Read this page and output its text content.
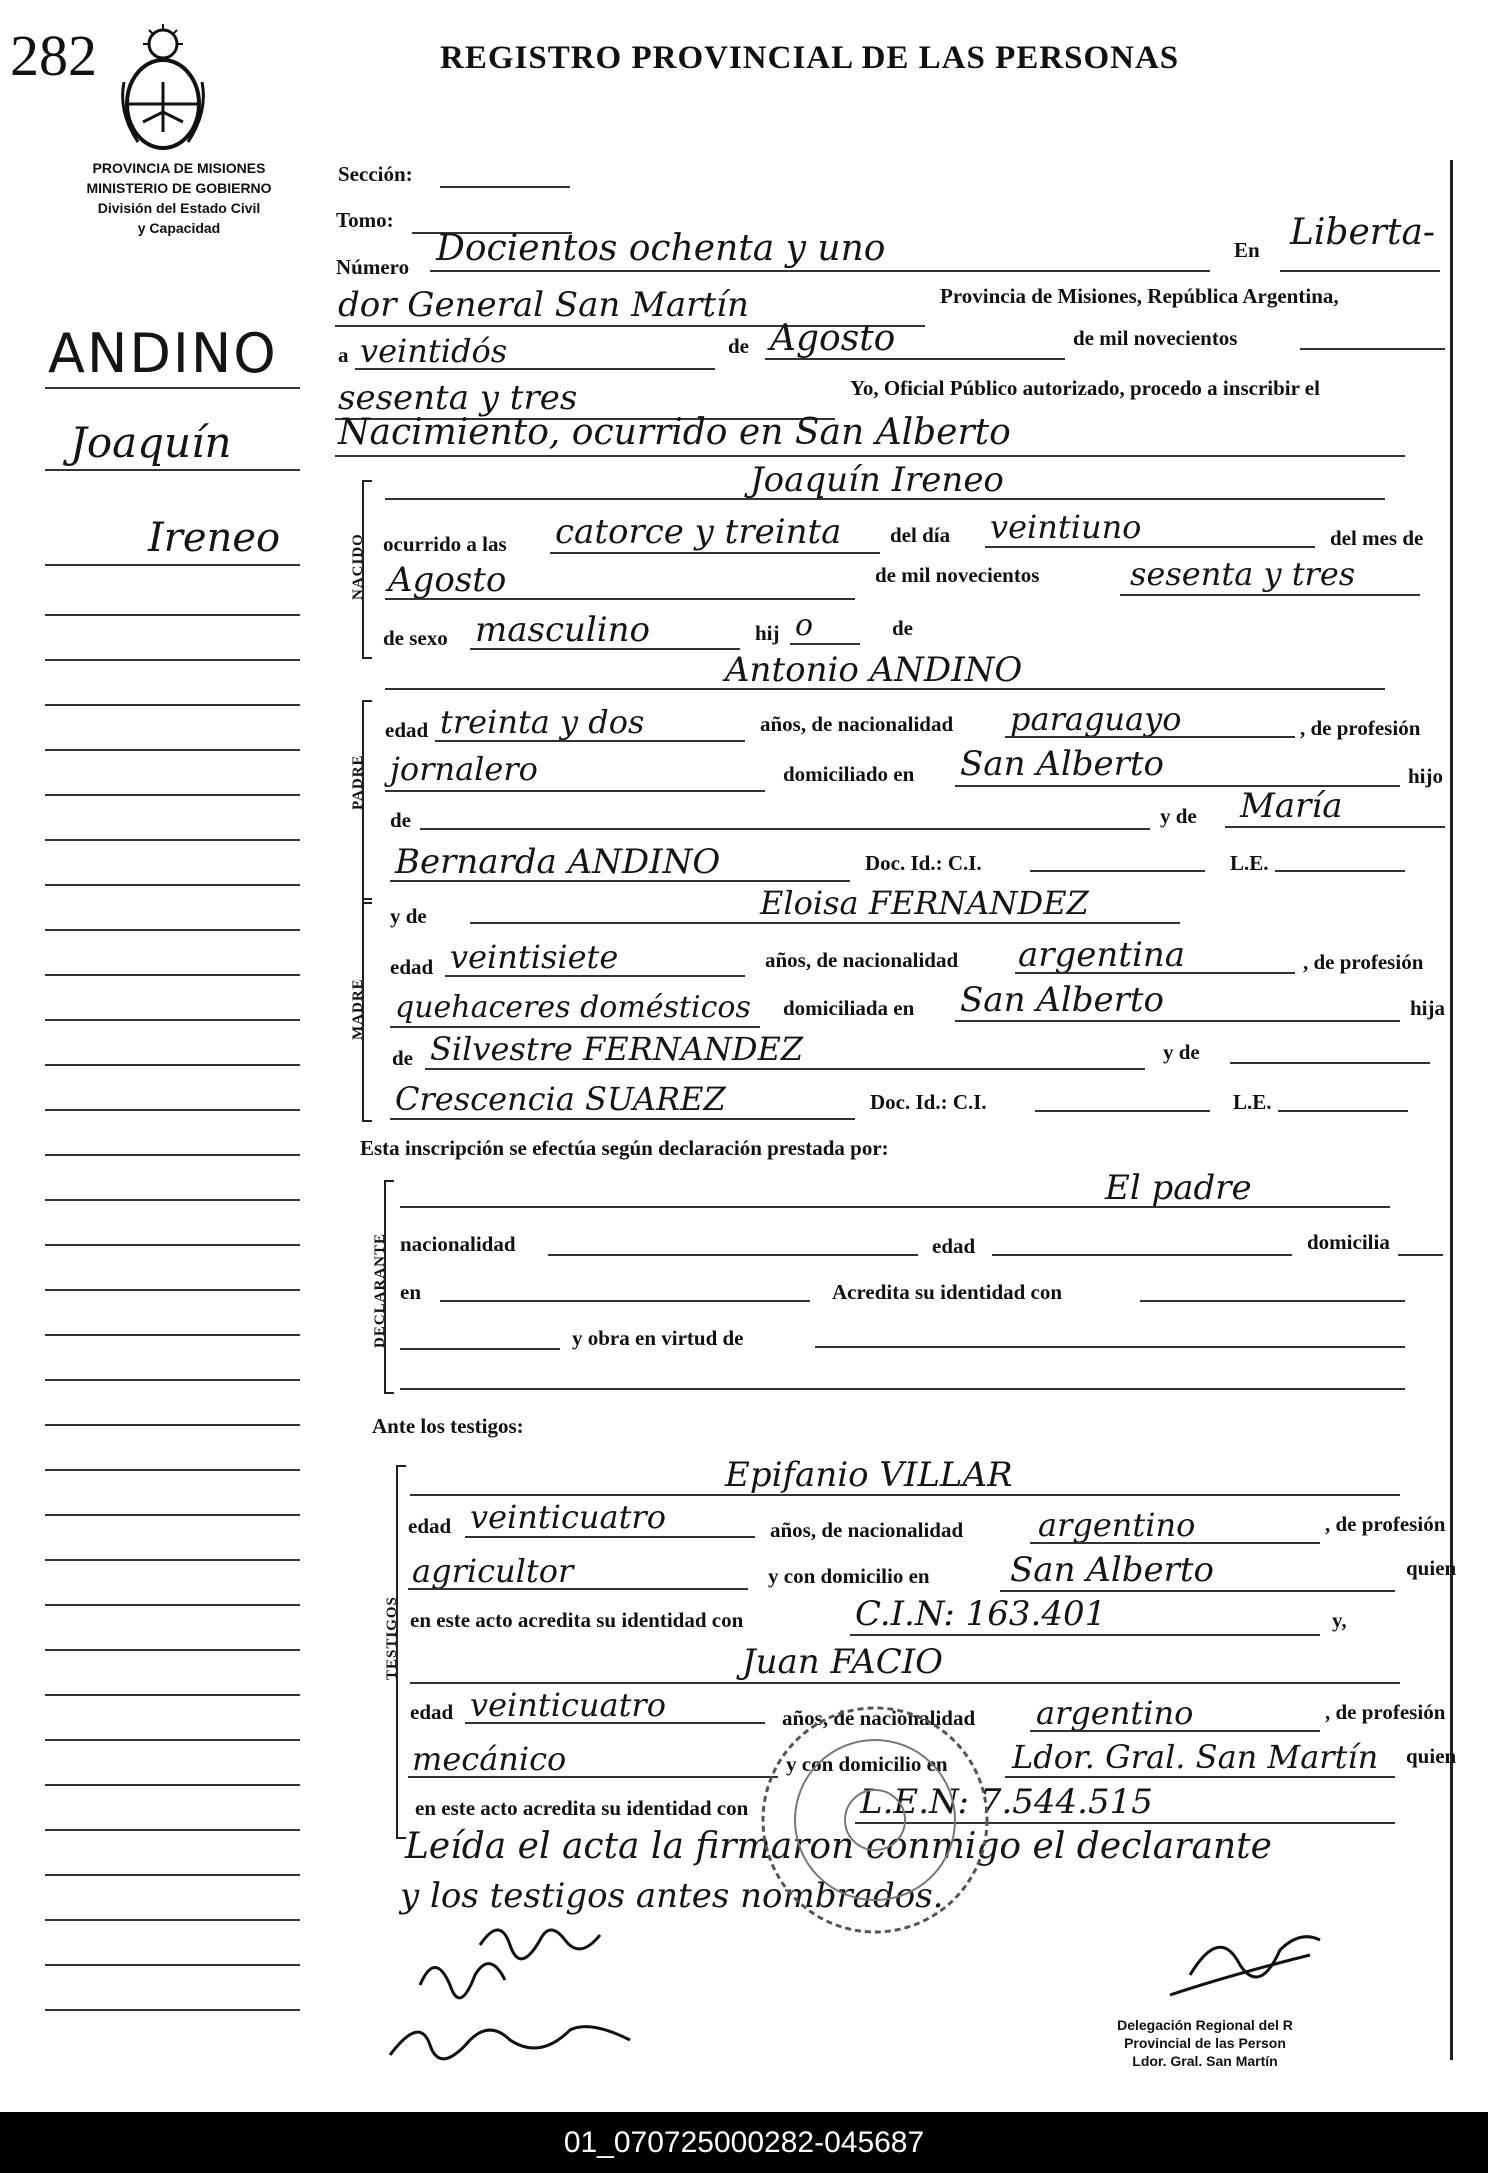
282	REGISTRO PROVINCIAL DE LAS PERSONAS
PROVINCIA DE MISIONES
MINISTERIO DE GOBIERNO
División del Estado Civil
y Capacidad
ANDINO
Joaquín
Ireneo
Sección:
Tomo:
Número Docientos ochenta y uno	En Liberta-
dor General San Martín	Provincia de Misiones, República Argentina,
a veintidós	de Agosto	de mil novecientos
sesenta y tres	Yo, Oficial Público autorizado, procedo a inscribir el
Nacimiento, ocurrido en San Alberto
NACIDO
Joaquín Ireneo
ocurrido a las catorce y treinta del día veintiuno	del mes de
Agosto	de mil novecientos	sesenta y tres
de sexo masculino	hij o	de
PADRE
Antonio ANDINO
edad treinta y dos	años, de nacionalidad paraguayo	, de profesión
jornalero	domiciliado en San Alberto	hijo
de	y de María
Bernarda ANDINO	Doc. Id.: C.I.	L.E.
MADRE
y de	Eloisa FERNANDEZ
edad veintisiete	años, de nacionalidad argentina	, de profesión
quehaceres domésticos domiciliada en San Alberto	hija
de Silvestre FERNANDEZ	y de
Crescencia SUAREZ	Doc. Id.: C.I.	L.E.
Esta inscripción se efectúa según declaración prestada por:
DECLARANTE
El padre
nacionalidad	edad	domicilia
en	Acredita su identidad con
y obra en virtud de
Ante los testigos:
TESTIGOS
Epifanio VILLAR
edad veinticuatro	años, de nacionalidad argentino	, de profesión
agricultor	y con domicilio en San Alberto	quien
en este acto acredita su identidad con	C.I.N: 163.401	y,
Juan FACIO
edad veinticuatro	años, de nacionalidad argentino	, de profesión
mecánico	y con domicilio en Ldor. Gral. San Martín quien
en este acto acredita su identidad con	L.E.N: 7.544.515
Leída el acta la firmaron conmigo el declarante
y los testigos antes nombrados.
Delegación Regional del R
Provincial de las Person
Ldor. Gral. San Martín
01_070725000282-045687
